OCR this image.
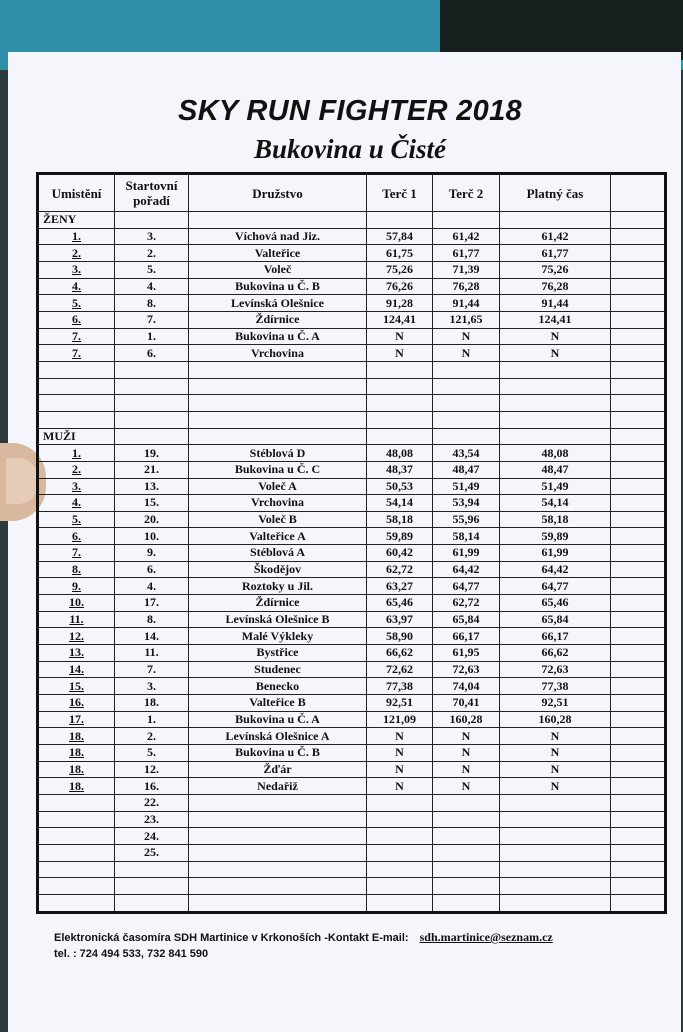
SKY RUN FIGHTER 2018
Bukovina u Čisté
Umistění	Startovní pořadí	Družstvo	Terč 1	Terč 2	Platný čas	
ŽENY						
1.	3.	Víchová nad Jiz.	57,84	61,42	61,42	
2.	2.	Valteřice	61,75	61,77	61,77	
3.	5.	Voleč	75,26	71,39	75,26	
4.	4.	Bukovina u Č. B	76,26	76,28	76,28	
5.	8.	Levínská Olešnice	91,28	91,44	91,44	
6.	7.	Ždírnice	124,41	121,65	124,41	
7.	1.	Bukovina u Č. A	N	N	N	
7.	6.	Vrchovina	N	N	N	

MUŽI						
1.	19.	Stéblová D	48,08	43,54	48,08	
2.	21.	Bukovina u Č. C	48,37	48,47	48,47	
3.	13.	Voleč A	50,53	51,49	51,49	
4.	15.	Vrchovina	54,14	53,94	54,14	
5.	20.	Voleč B	58,18	55,96	58,18	
6.	10.	Valteřice A	59,89	58,14	59,89	
7.	9.	Stéblová A	60,42	61,99	61,99	
8.	6.	Škodějov	62,72	64,42	64,42	
9.	4.	Roztoky u Jil.	63,27	64,77	64,77	
10.	17.	Ždírnice	65,46	62,72	65,46	
11.	8.	Levínská Olešnice B	63,97	65,84	65,84	
12.	14.	Malé Výkleky	58,90	66,17	66,17	
13.	11.	Bystřice	66,62	61,95	66,62	
14.	7.	Studenec	72,62	72,63	72,63	
15.	3.	Benecko	77,38	74,04	77,38	
16.	18.	Valteřice B	92,51	70,41	92,51	
17.	1.	Bukovina u Č. A	121,09	160,28	160,28	
18.	2.	Levínská Olešnice A	N	N	N	
18.	5.	Bukovina u Č. B	N	N	N	
18.	12.	Žďár	N	N	N	
18.	16.	Nedařiž	N	N	N	
	22.					
	23.					
	24.					
	25.					

Elektronická časomíra SDH Martinice v Krkonoších -Kontakt E-mail: sdh.martinice@seznam.cz
tel. : 724 494 533, 732 841 590
